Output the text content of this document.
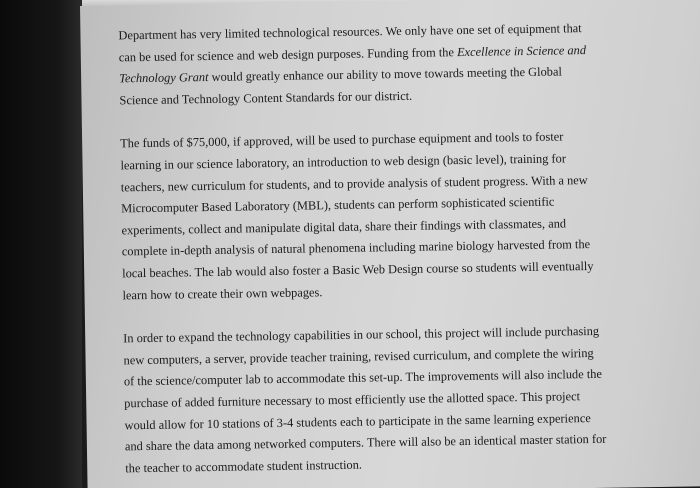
Department has very limited technological resources. We only have one set of equipment that
can be used for science and web design purposes. Funding from the Excellence in Science and
Technology Grant would greatly enhance our ability to move towards meeting the Global
Science and Technology Content Standards for our district.

The funds of $75,000, if approved, will be used to purchase equipment and tools to foster
learning in our science laboratory, an introduction to web design (basic level), training for
teachers, new curriculum for students, and to provide analysis of student progress. With a new
Microcomputer Based Laboratory (MBL), students can perform sophisticated scientific
experiments, collect and manipulate digital data, share their findings with classmates, and
complete in-depth analysis of natural phenomena including marine biology harvested from the
local beaches. The lab would also foster a Basic Web Design course so students will eventually
learn how to create their own webpages.

In order to expand the technology capabilities in our school, this project will include purchasing
new computers, a server, provide teacher training, revised curriculum, and complete the wiring
of the science/computer lab to accommodate this set-up. The improvements will also include the
purchase of added furniture necessary to most efficiently use the allotted space. This project
would allow for 10 stations of 3-4 students each to participate in the same learning experience
and share the data among networked computers. There will also be an identical master station for
the teacher to accommodate student instruction.
